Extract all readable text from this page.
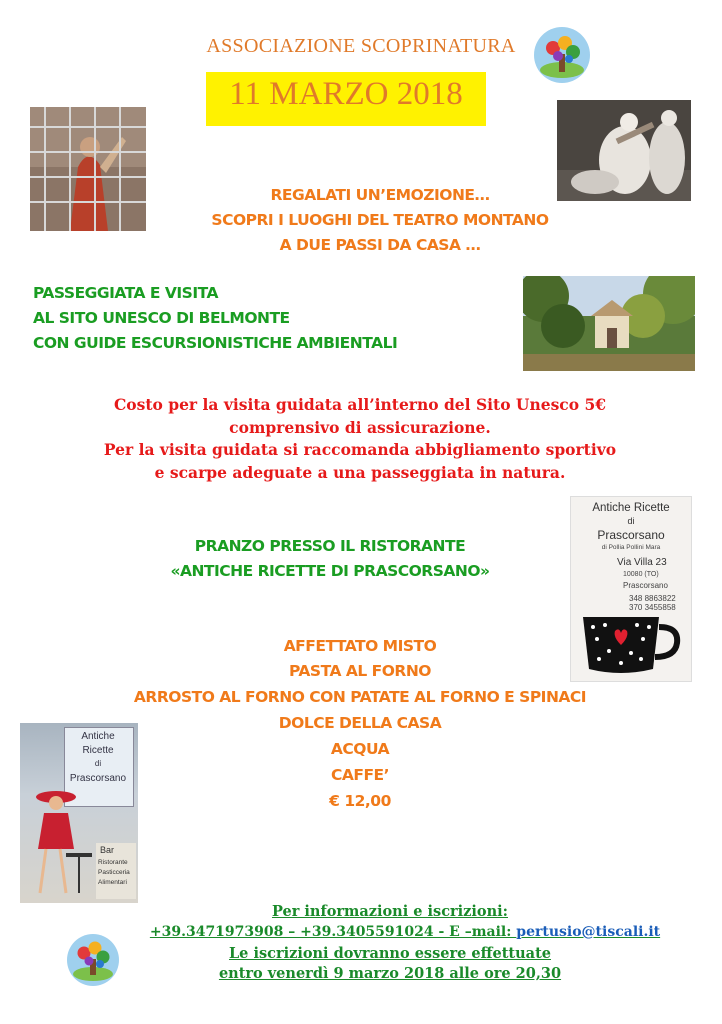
ASSOCIAZIONE SCOPRINATURA
11 MARZO 2018
REGALATI UN’EMOZIONE…
SCOPRI I LUOGHI DEL TEATRO MONTANO
A DUE PASSI DA CASA …
PASSEGGIATA E VISITA
AL SITO UNESCO DI BELMONTE
CON GUIDE ESCURSIONISTICHE AMBIENTALI
Costo per la visita guidata all’interno del Sito Unesco 5€
comprensivo di assicurazione.
Per la visita guidata si raccomanda abbigliamento sportivo
e scarpe adeguate a una passeggiata in natura.
PRANZO PRESSO IL RISTORANTE
«ANTICHE RICETTE DI PRASCORSANO»
Antiche Ricette
di
Prascorsano
di Pollia Pollini Mara
Via Villa 23
10080 (TO)
Prascorsano
348 8863822
370 3455858
AFFETTATO MISTO
PASTA AL FORNO
ARROSTO AL FORNO CON PATATE AL FORNO E SPINACI
DOLCE DELLA CASA
ACQUA
CAFFE’
€ 12,00
Antiche
Ricette
di
Prascorsano
Bar
Ristorante
Pasticceria
Alimentari
Per informazioni e iscrizioni:
+39.3471973908 – +39.3405591024 - E –mail: pertusio@tiscali.it
Le iscrizioni dovranno essere effettuate
entro venerdì 9 marzo 2018 alle ore 20,30
